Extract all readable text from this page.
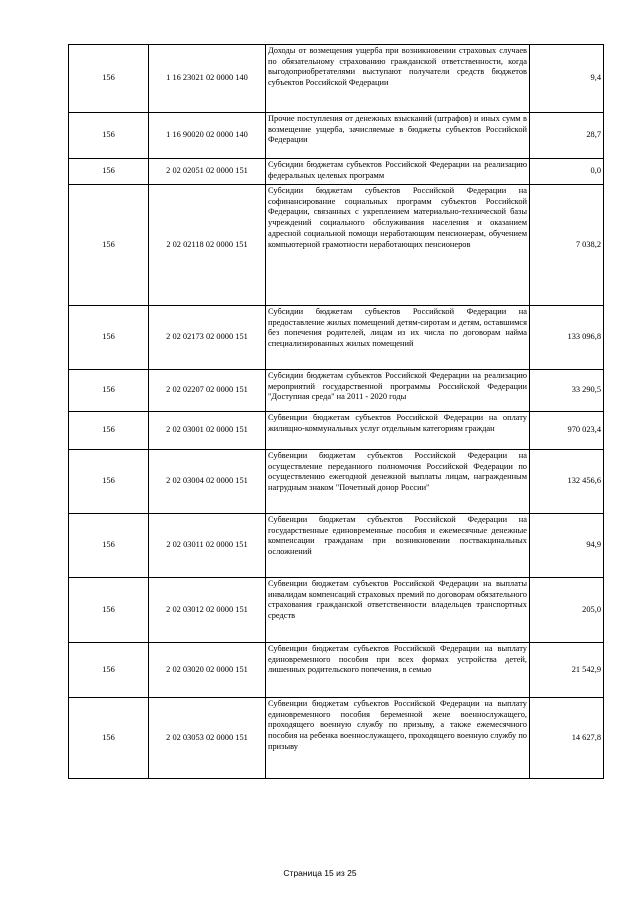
156	1 16 23021 02 0000 140	Доходы от возмещения ущерба при возникновении страховых случаев по обязательному страхованию гражданской ответственности, когда выгодоприобретателями выступают получатели средств бюджетов субъектов Российской Федерации	9,4
156	1 16 90020 02 0000 140	Прочие поступления от денежных взысканий (штрафов) и иных сумм в возмещение ущерба, зачисляемые в бюджеты субъектов Российской Федерации	28,7
156	2 02 02051 02 0000 151	Субсидии бюджетам субъектов Российской Федерации на реализацию федеральных целевых программ	0,0
156	2 02 02118 02 0000 151	Субсидии бюджетам субъектов Российской Федерации на софинансирование социальных программ субъектов Российской Федерации, связанных с укреплением материально-технической базы учреждений социального обслуживания населения и оказанием адресной социальной помощи неработающим пенсионерам, обучением компьютерной грамотности неработающих пенсионеров	7 038,2
156	2 02 02173 02 0000 151	Субсидии бюджетам субъектов Российской Федерации на предоставление жилых помещений детям-сиротам и детям, оставшимся без попечения родителей, лицам из их числа по договорам найма специализированных жилых помещений	133 096,8
156	2 02 02207 02 0000 151	Субсидии бюджетам субъектов Российской Федерации на реализацию мероприятий государственной программы Российской Федерации "Доступная среда" на 2011 - 2020 годы	33 290,5
156	2 02 03001 02 0000 151	Субвенции бюджетам субъектов Российской Федерации на оплату жилищно-коммунальных услуг отдельным категориям граждан	970 023,4
156	2 02 03004 02 0000 151	Субвенции бюджетам субъектов Российской Федерации на осуществление переданного полномочия Российской Федерации по осуществлению ежегодной денежной выплаты лицам, награжденным нагрудным знаком "Почетный донор России"	132 456,6
156	2 02 03011 02 0000 151	Субвенции бюджетам субъектов Российской Федерации на государственные единовременные пособия и ежемесячные денежные компенсации гражданам при возникновении поствакцинальных осложнений	94,9
156	2 02 03012 02 0000 151	Субвенции бюджетам субъектов Российской Федерации на выплаты инвалидам компенсаций страховых премий по договорам обязательного страхования гражданской ответственности владельцев транспортных средств	205,0
156	2 02 03020 02 0000 151	Субвенции бюджетам субъектов Российской Федерации на выплату единовременного пособия при всех формах устройства детей, лишенных родительского попечения, в семью	21 542,9
156	2 02 03053 02 0000 151	Субвенции бюджетам субъектов Российской Федерации на выплату единовременного пособия беременной жене военнослужащего, проходящего военную службу по призыву, а также ежемесячного пособия на ребенка военнослужащего, проходящего военную службу по призыву	14 627,8
Страница 15 из 25
